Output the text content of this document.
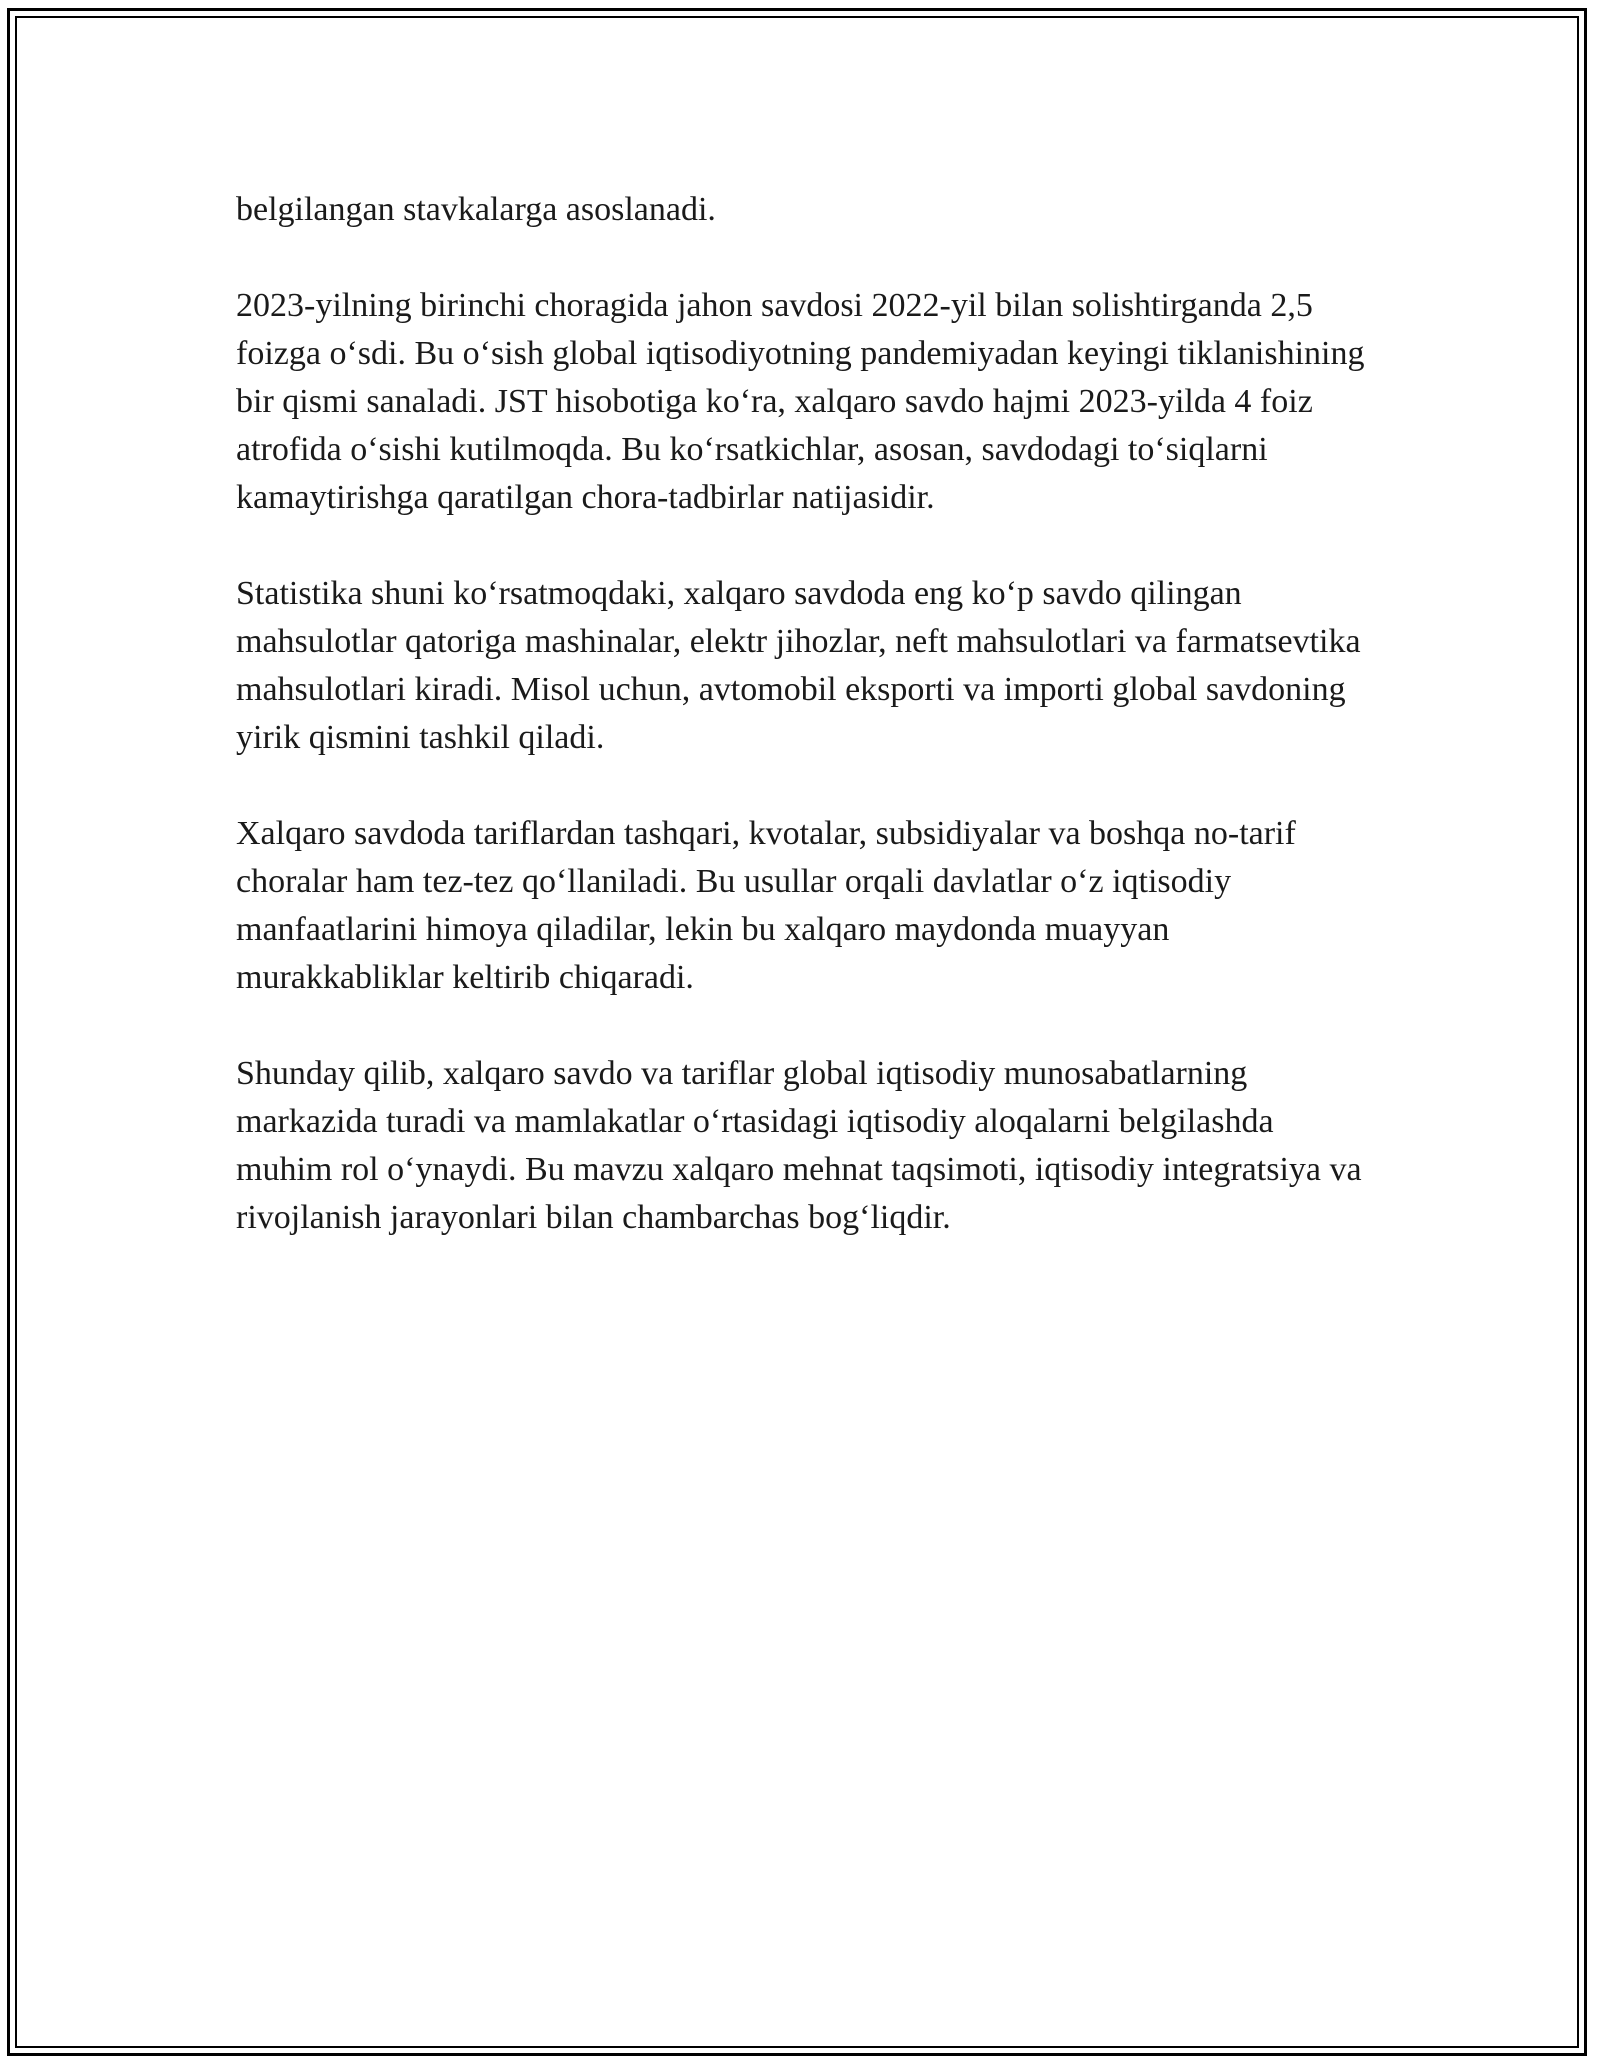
belgilangan stavkalarga asoslanadi.

2023-yilning birinchi choragida jahon savdosi 2022-yil bilan solishtirganda 2,5 foizga o‘sdi. Bu o‘sish global iqtisodiyotning pandemiyadan keyingi tiklanishining bir qismi sanaladi. JST hisobotiga ko‘ra, xalqaro savdo hajmi 2023-yilda 4 foiz atrofida o‘sishi kutilmoqda. Bu ko‘rsatkichlar, asosan, savdodagi to‘siqlarni kamaytirishga qaratilgan chora-tadbirlar natijasidir.

Statistika shuni ko‘rsatmoqdaki, xalqaro savdoda eng ko‘p savdo qilingan mahsulotlar qatoriga mashinalar, elektr jihozlar, neft mahsulotlari va farmatsevtika mahsulotlari kiradi. Misol uchun, avtomobil eksporti va importi global savdoning yirik qismini tashkil qiladi.

Xalqaro savdoda tariflardan tashqari, kvotalar, subsidiyalar va boshqa no-tarif choralar ham tez-tez qo‘llaniladi. Bu usullar orqali davlatlar o‘z iqtisodiy manfaatlarini himoya qiladilar, lekin bu xalqaro maydonda muayyan murakkabliklar keltirib chiqaradi.

Shunday qilib, xalqaro savdo va tariflar global iqtisodiy munosabatlarning markazida turadi va mamlakatlar o‘rtasidagi iqtisodiy aloqalarni belgilashda muhim rol o‘ynaydi. Bu mavzu xalqaro mehnat taqsimoti, iqtisodiy integratsiya va rivojlanish jarayonlari bilan chambarchas bog‘liqdir.
